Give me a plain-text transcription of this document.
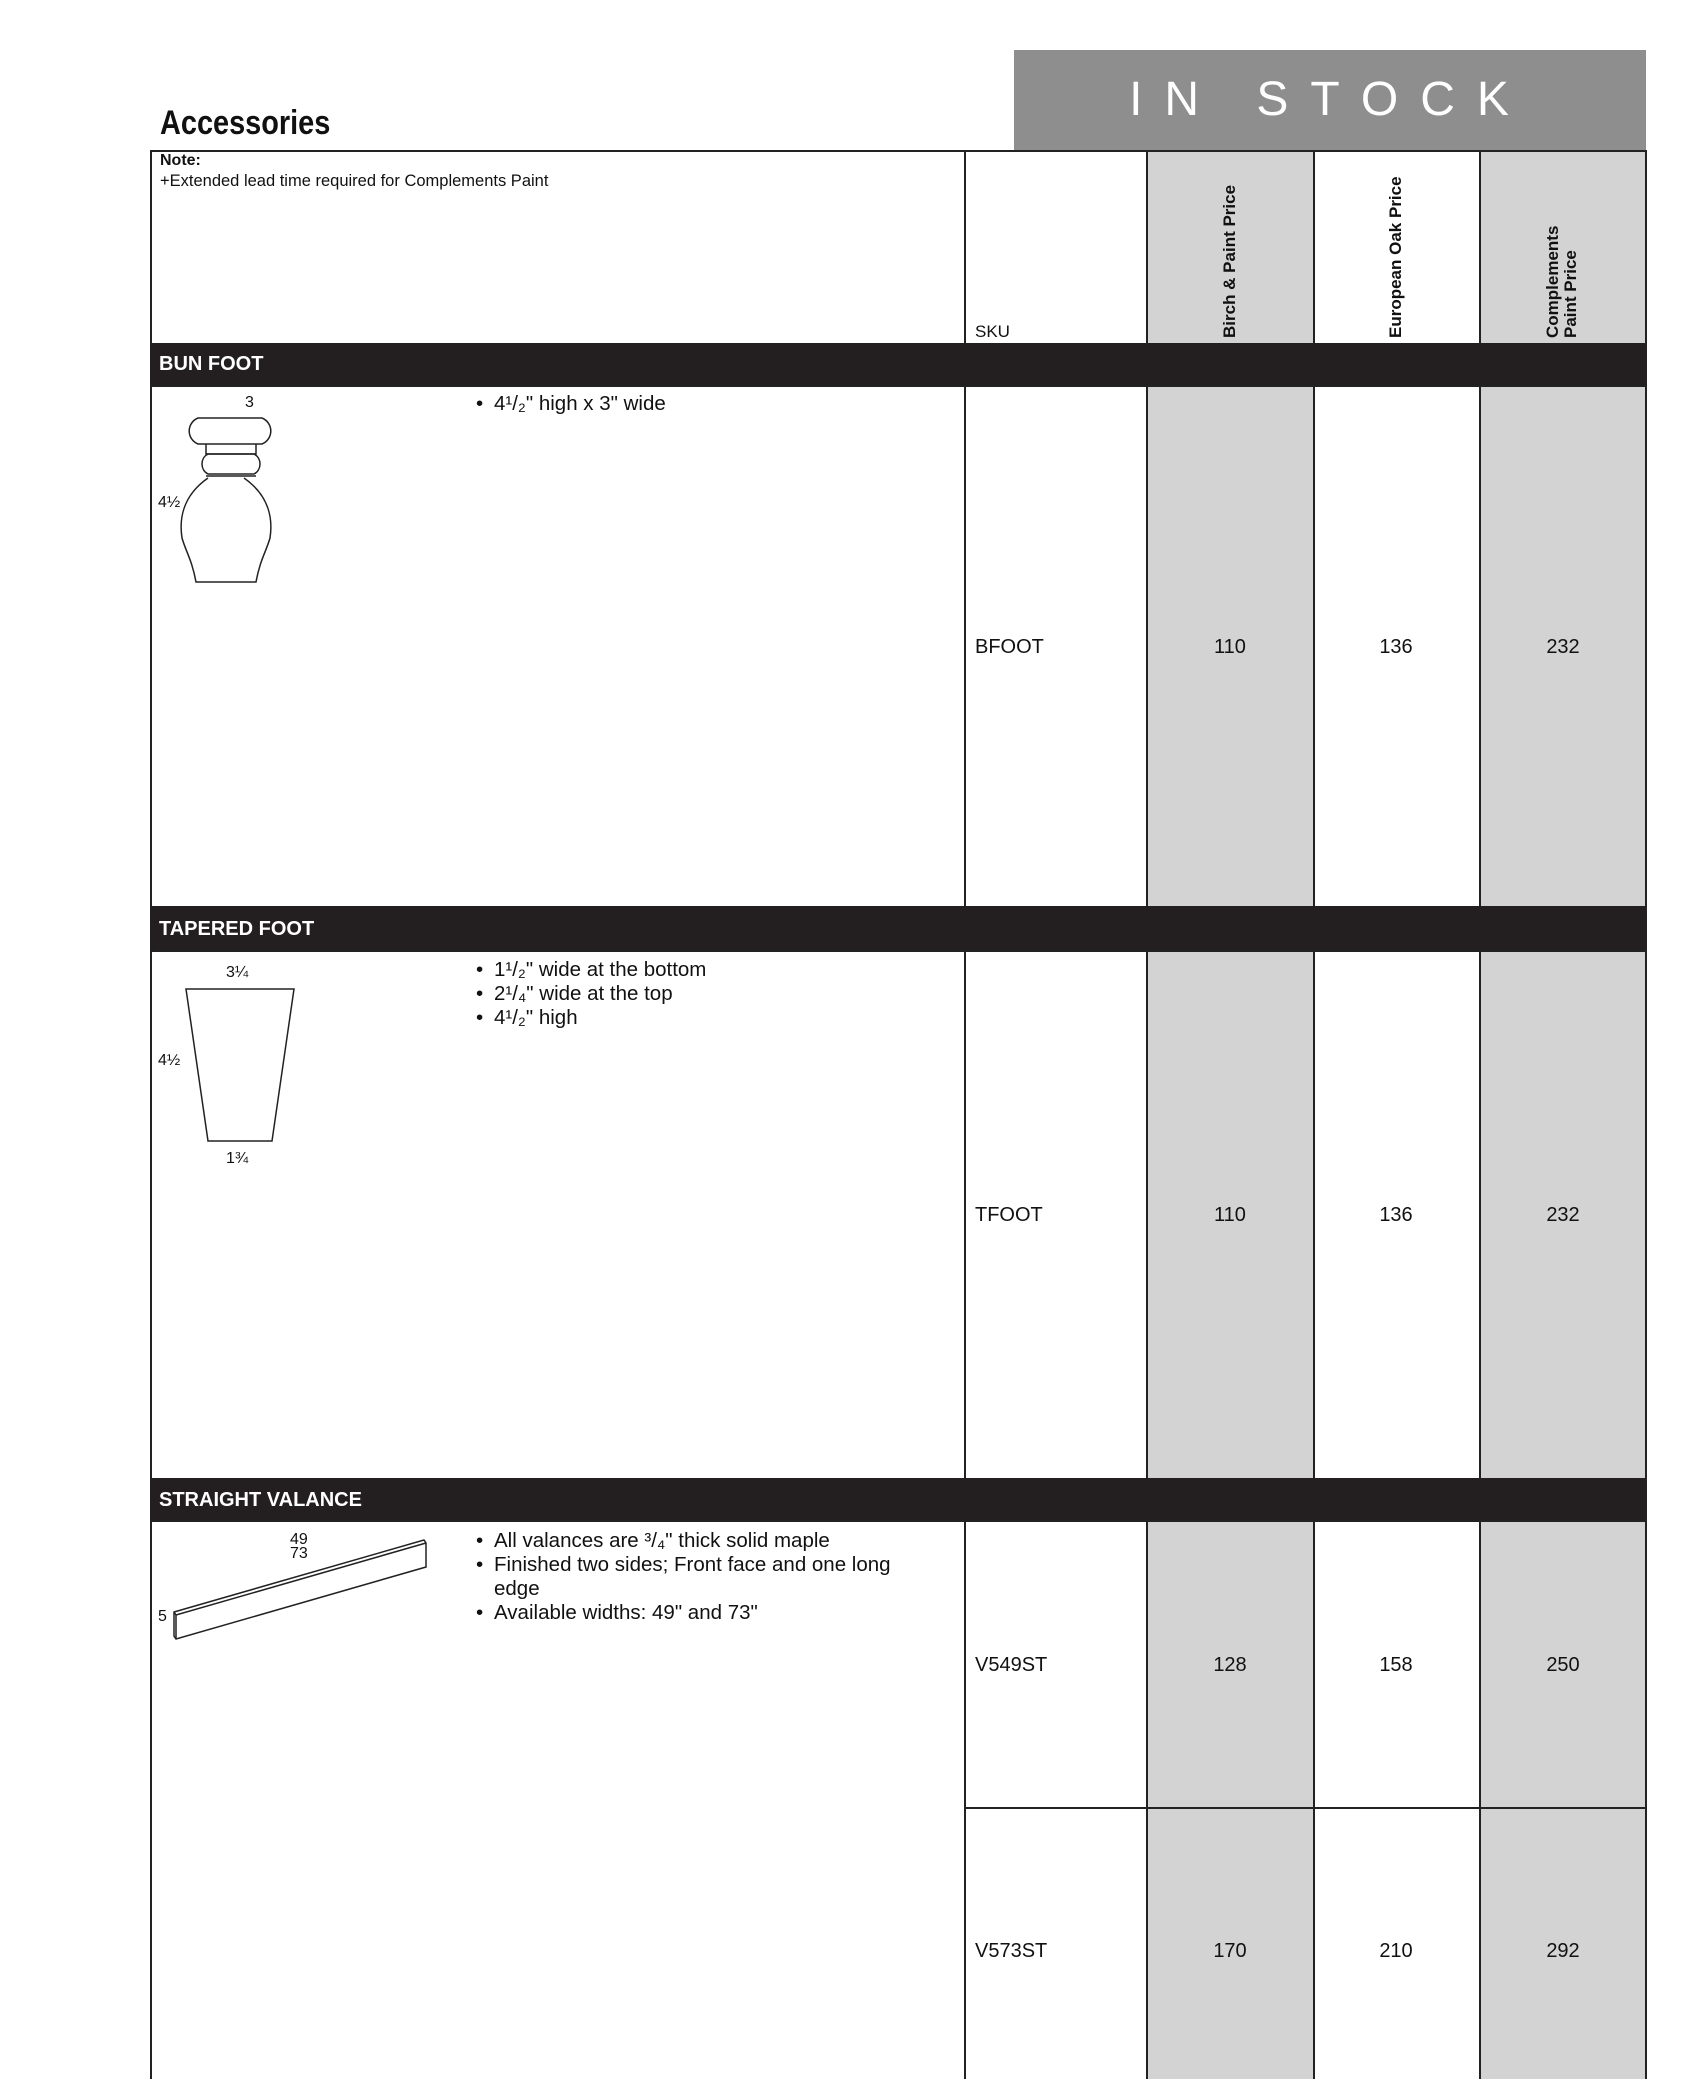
IN STOCK
Accessories
Note:
+Extended lead time required for Complements Paint
SKU	Birch & Paint Price	European Oak Price	Complements Paint Price
BUN FOOT
3
4½
• 4¹/₂" high x 3" wide
BFOOT	110	136	232
TAPERED FOOT
3¼
4½
1¾
• 1¹/₂" wide at the bottom
• 2¹/₄" wide at the top
• 4¹/₂" high
TFOOT	110	136	232
STRAIGHT VALANCE
49
73
5
• All valances are ³/₄" thick solid maple
• Finished two sides; Front face and one long edge
• Available widths: 49" and 73"
V549ST	128	158	250
V573ST	170	210	292
